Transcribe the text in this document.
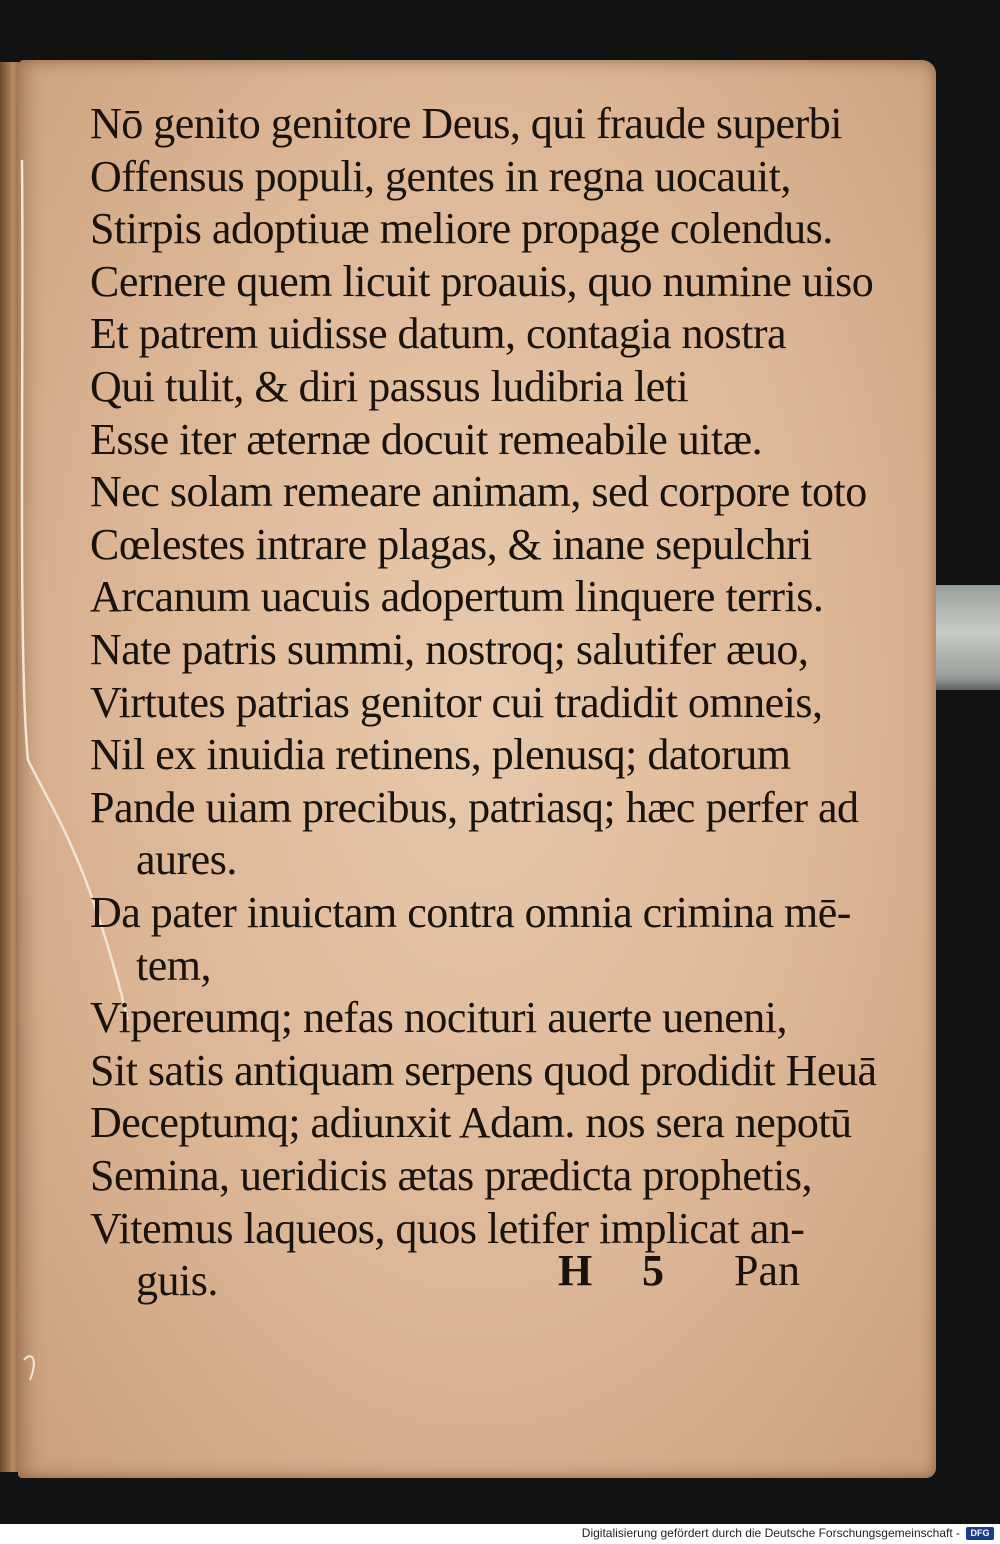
Nō genito genitore Deus, qui fraude superbi
Offensus populi, gentes in regna uocauit,
Stirpis adoptiuæ meliore propage colendus.
Cernere quem licuit proauis, quo numine uiso
Et patrem uidisse datum, contagia nostra
Qui tulit, & diri passus ludibria leti
Esse iter æternæ docuit remeabile uitæ.
Nec solam remeare animam, sed corpore toto
Cœlestes intrare plagas, & inane sepulchri
Arcanum uacuis adopertum linquere terris.
Nate patris summi, nostroq; salutifer æuo,
Virtutes patrias genitor cui tradidit omneis,
Nil ex inuidia retinens, plenusq; datorum
Pande uiam precibus, patriasq; hæc perfer ad
aures.
Da pater inuictam contra omnia crimina mē-
tem,
Vipereumq; nefas nocituri auerte ueneni,
Sit satis antiquam serpens quod prodidit Heuā
Deceptumq; adiunxit Adam. nos sera nepotū
Semina, ueridicis ætas prædicta prophetis,
Vitemus laqueos, quos letifer implicat an-
guis.	H 5 Pan
Digitalisierung gefördert durch die Deutsche Forschungsgemeinschaft -	DFG
